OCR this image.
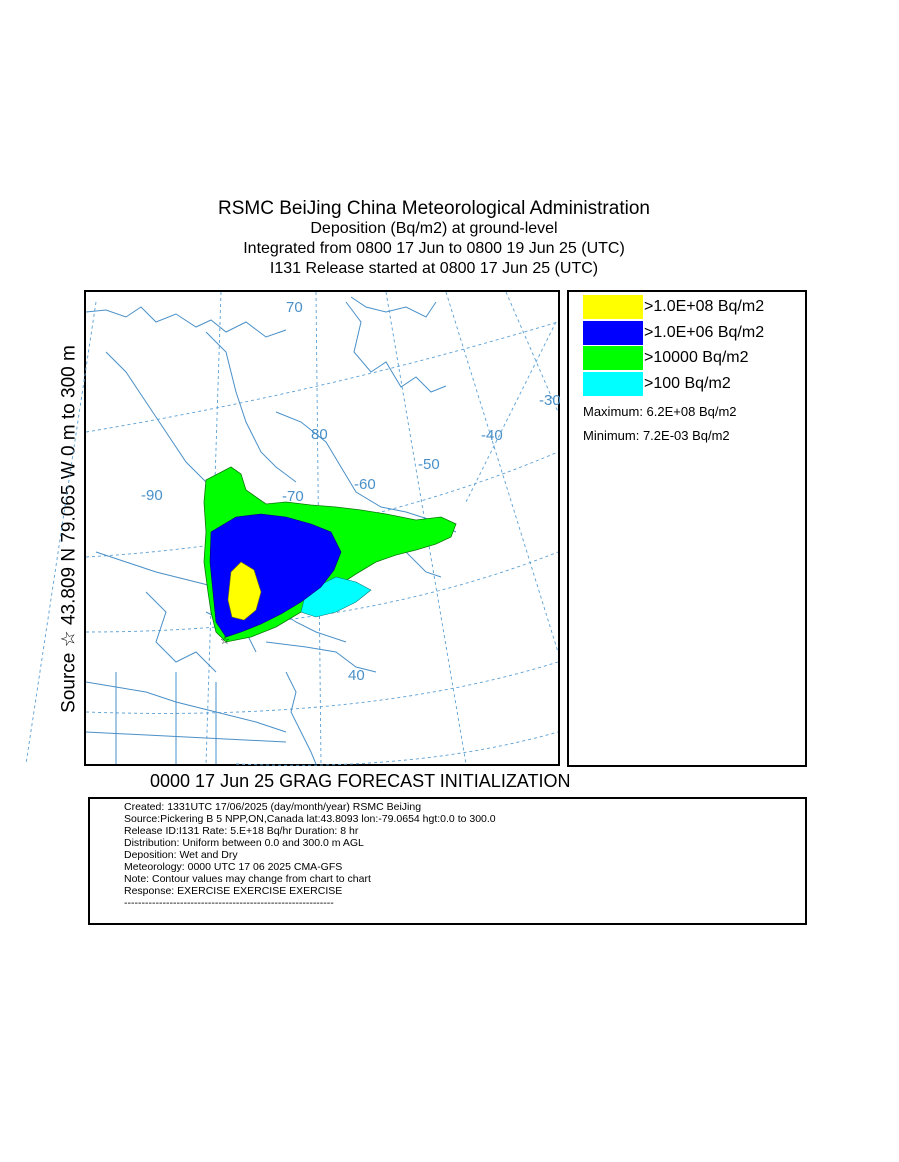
RSMC BeiJing China Meteorological Administration
Deposition (Bq/m2) at ground-level
Integrated from 0800 17 Jun to 0800 19 Jun 25 (UTC)
I131 Release started at 0800 17 Jun 25 (UTC)
Source ☆ 43.809 N 79.065 W 0 m to 300 m
70
-30
80	-40
-50
-60
-90	-70
40
☆
>1.0E+08 Bq/m2
>1.0E+06 Bq/m2
>10000 Bq/m2
>100 Bq/m2
Maximum: 6.2E+08 Bq/m2
Minimum: 7.2E-03 Bq/m2
0000 17 Jun 25 GRAG FORECAST INITIALIZATION
Created: 1331UTC 17/06/2025 (day/month/year) RSMC BeiJing
Source:Pickering B 5 NPP,ON,Canada lat:43.8093 lon:-79.0654 hgt:0.0 to 300.0
Release ID:I131 Rate: 5.E+18 Bq/hr Duration: 8 hr
Distribution: Uniform between 0.0 and 300.0 m AGL
Deposition: Wet and Dry
Meteorology: 0000 UTC 17 06 2025 CMA-GFS
Note: Contour values may change from chart to chart
Response: EXERCISE EXERCISE EXERCISE
------------------------------------------------------------
